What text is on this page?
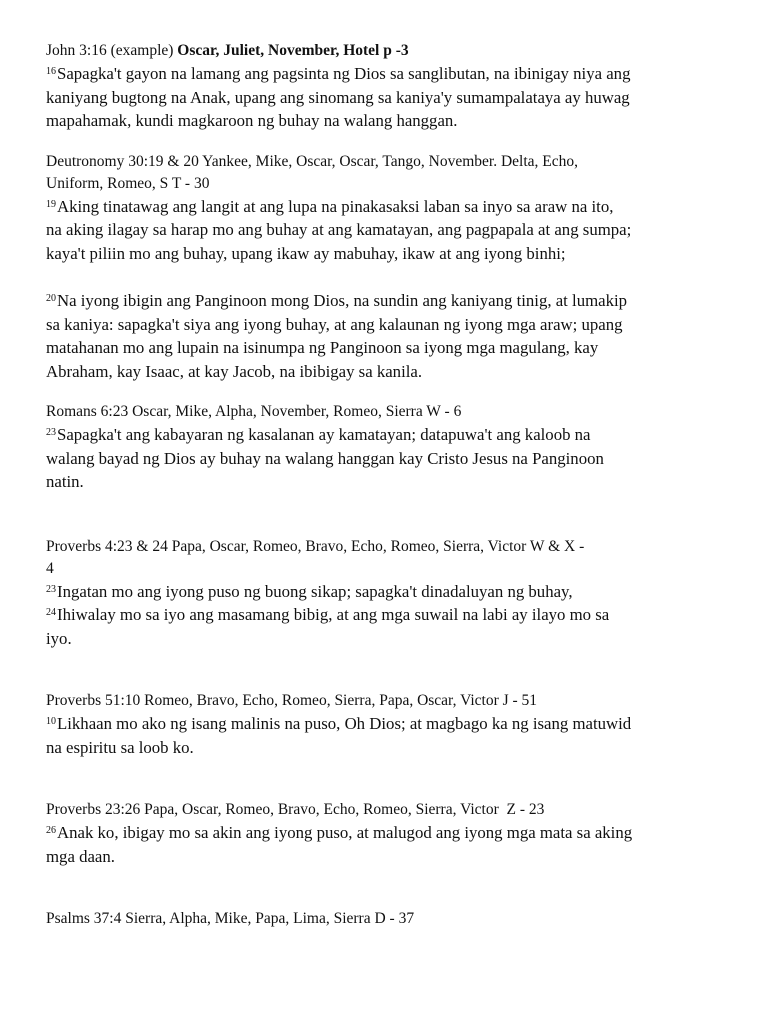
John 3:16 (example) Oscar, Juliet, November, Hotel p -3

$^{16}$Sapagka't gayon na lamang ang pagsinta ng Dios sa sanglibutan, na ibinigay niya ang

kaniyang bugtong na Anak, upang ang sinomang sa kaniya'y sumampalataya ay huwag

mapahamak, kundi magkaroon ng buhay na walang hanggan.

Deutronomy 30:19 & 20 Yankee, Mike, Oscar, Oscar, Tango, November. Delta, Echo,

Uniform, Romeo, S T - 30

$^{19}$Aking tinatawag ang langit at ang lupa na pinakasaksi laban sa inyo sa araw na ito,

na aking ilagay sa harap mo ang buhay at ang kamatayan, ang pagpapala at ang sumpa;

kaya't piliin mo ang buhay, upang ikaw ay mabuhay, ikaw at ang iyong binhi;

$^{20}$Na iyong ibigin ang Panginoon mong Dios, na sundin ang kaniyang tinig, at lumakip

sa kaniya: sapagka't siya ang iyong buhay, at ang kalaunan ng iyong mga araw; upang

matahanan mo ang lupain na isinumpa ng Panginoon sa iyong mga magulang, kay

Abraham, kay Isaac, at kay Jacob, na ibibigay sa kanila.

Romans 6:23 Oscar, Mike, Alpha, November, Romeo, Sierra W - 6

$^{23}$Sapagka't ang kabayaran ng kasalanan ay kamatayan; datapuwa't ang kaloob na

walang bayad ng Dios ay buhay na walang hanggan kay Cristo Jesus na Panginoon

natin.

Proverbs 4:23 & 24 Papa, Oscar, Romeo, Bravo, Echo, Romeo, Sierra, Victor W & X -

4

$^{23}$Ingatan mo ang iyong puso ng buong sikap; sapagka't dinadaluyan ng buhay,

$^{24}$Ihiwalay mo sa iyo ang masamang bibig, at ang mga suwail na labi ay ilayo mo sa

iyo.

Proverbs 51:10 Romeo, Bravo, Echo, Romeo, Sierra, Papa, Oscar, Victor J - 51

$^{10}$Likhaan mo ako ng isang malinis na puso, Oh Dios; at magbago ka ng isang matuwid

na espiritu sa loob ko.

Proverbs 23:26 Papa, Oscar, Romeo, Bravo, Echo, Romeo, Sierra, Victor  Z - 23

$^{26}$Anak ko, ibigay mo sa akin ang iyong puso, at malugod ang iyong mga mata sa aking

mga daan.

Psalms 37:4 Sierra, Alpha, Mike, Papa, Lima, Sierra D - 37
